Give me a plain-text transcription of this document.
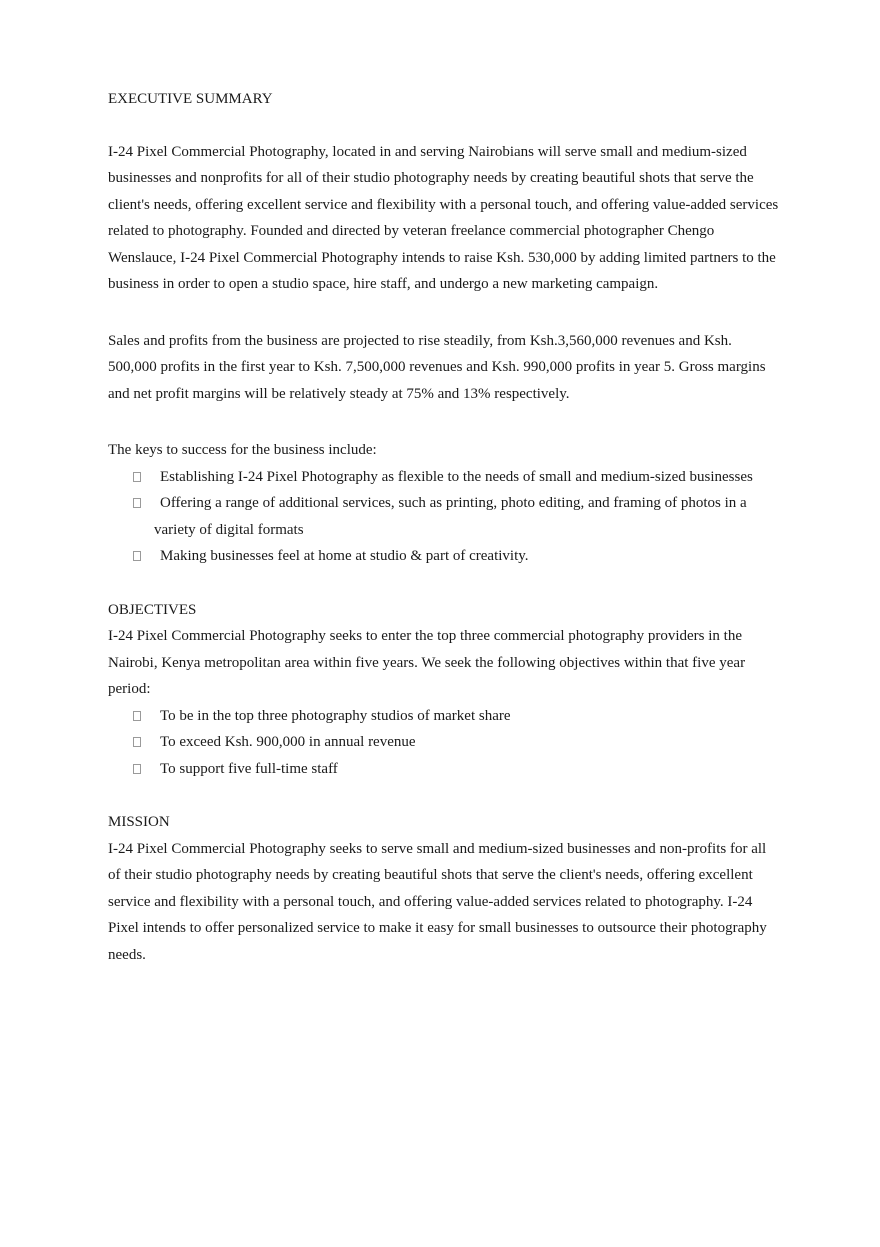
EXECUTIVE SUMMARY

I-24 Pixel Commercial Photography, located in and serving Nairobians will serve small and medium-sized businesses and nonprofits for all of their studio photography needs by creating beautiful shots that serve the client's needs, offering excellent service and flexibility with a personal touch, and offering value-added services related to photography. Founded and directed by veteran freelance commercial photographer Chengo Wenslauce, I-24 Pixel Commercial Photography intends to raise Ksh. 530,000 by adding limited partners to the business in order to open a studio space, hire staff, and undergo a new marketing campaign.

Sales and profits from the business are projected to rise steadily, from Ksh.3,560,000 revenues and Ksh. 500,000 profits in the first year to Ksh. 7,500,000 revenues and Ksh. 990,000 profits in year 5. Gross margins and net profit margins will be relatively steady at 75% and 13% respectively.

The keys to success for the business include:

Establishing I-24 Pixel Photography as flexible to the needs of small and medium-sized businesses
Offering a range of additional services, such as printing, photo editing, and framing of photos in a
variety of digital formats
Making businesses feel at home at studio & part of creativity.
OBJECTIVES

I-24 Pixel Commercial Photography seeks to enter the top three commercial photography providers in the Nairobi, Kenya metropolitan area within five years. We seek the following objectives within that five year period:

To be in the top three photography studios of market share
To exceed Ksh. 900,000 in annual revenue
To support five full-time staff
MISSION

I-24 Pixel Commercial Photography seeks to serve small and medium-sized businesses and non-profits for all of their studio photography needs by creating beautiful shots that serve the client's needs, offering excellent service and flexibility with a personal touch, and offering value-added services related to photography. I-24 Pixel intends to offer personalized service to make it easy for small businesses to outsource their photography needs.
